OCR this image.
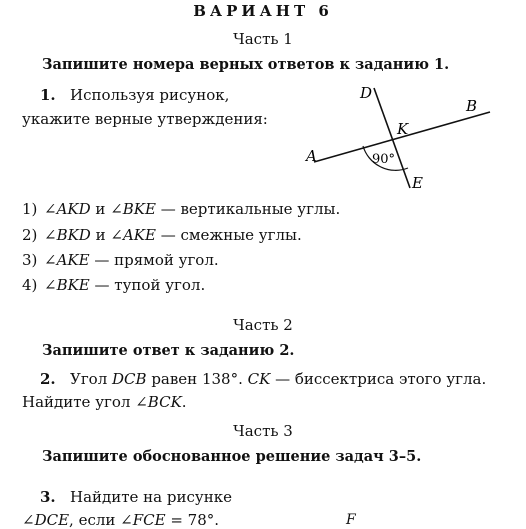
ВАРИАНТ 6
Часть 1
Запишите номера верных ответов к заданию 1.
1. Используя рисунок,
укажите верные утверждения:
D
B
K
A
E
90°
1) ∠AKD и ∠BKE — вертикальные углы.
2) ∠BKD и ∠AKE — смежные углы.
3) ∠AKE — прямой угол.
4) ∠BKE — тупой угол.
Часть 2
Запишите ответ к заданию 2.
2. Угол DCB равен 138°. CK — биссектриса этого угла.
Найдите угол ∠BCK.
Часть 3
Запишите обоснованное решение задач 3–5.
3. Найдите на рисунке
∠DCE, если ∠FCE = 78°.	F
